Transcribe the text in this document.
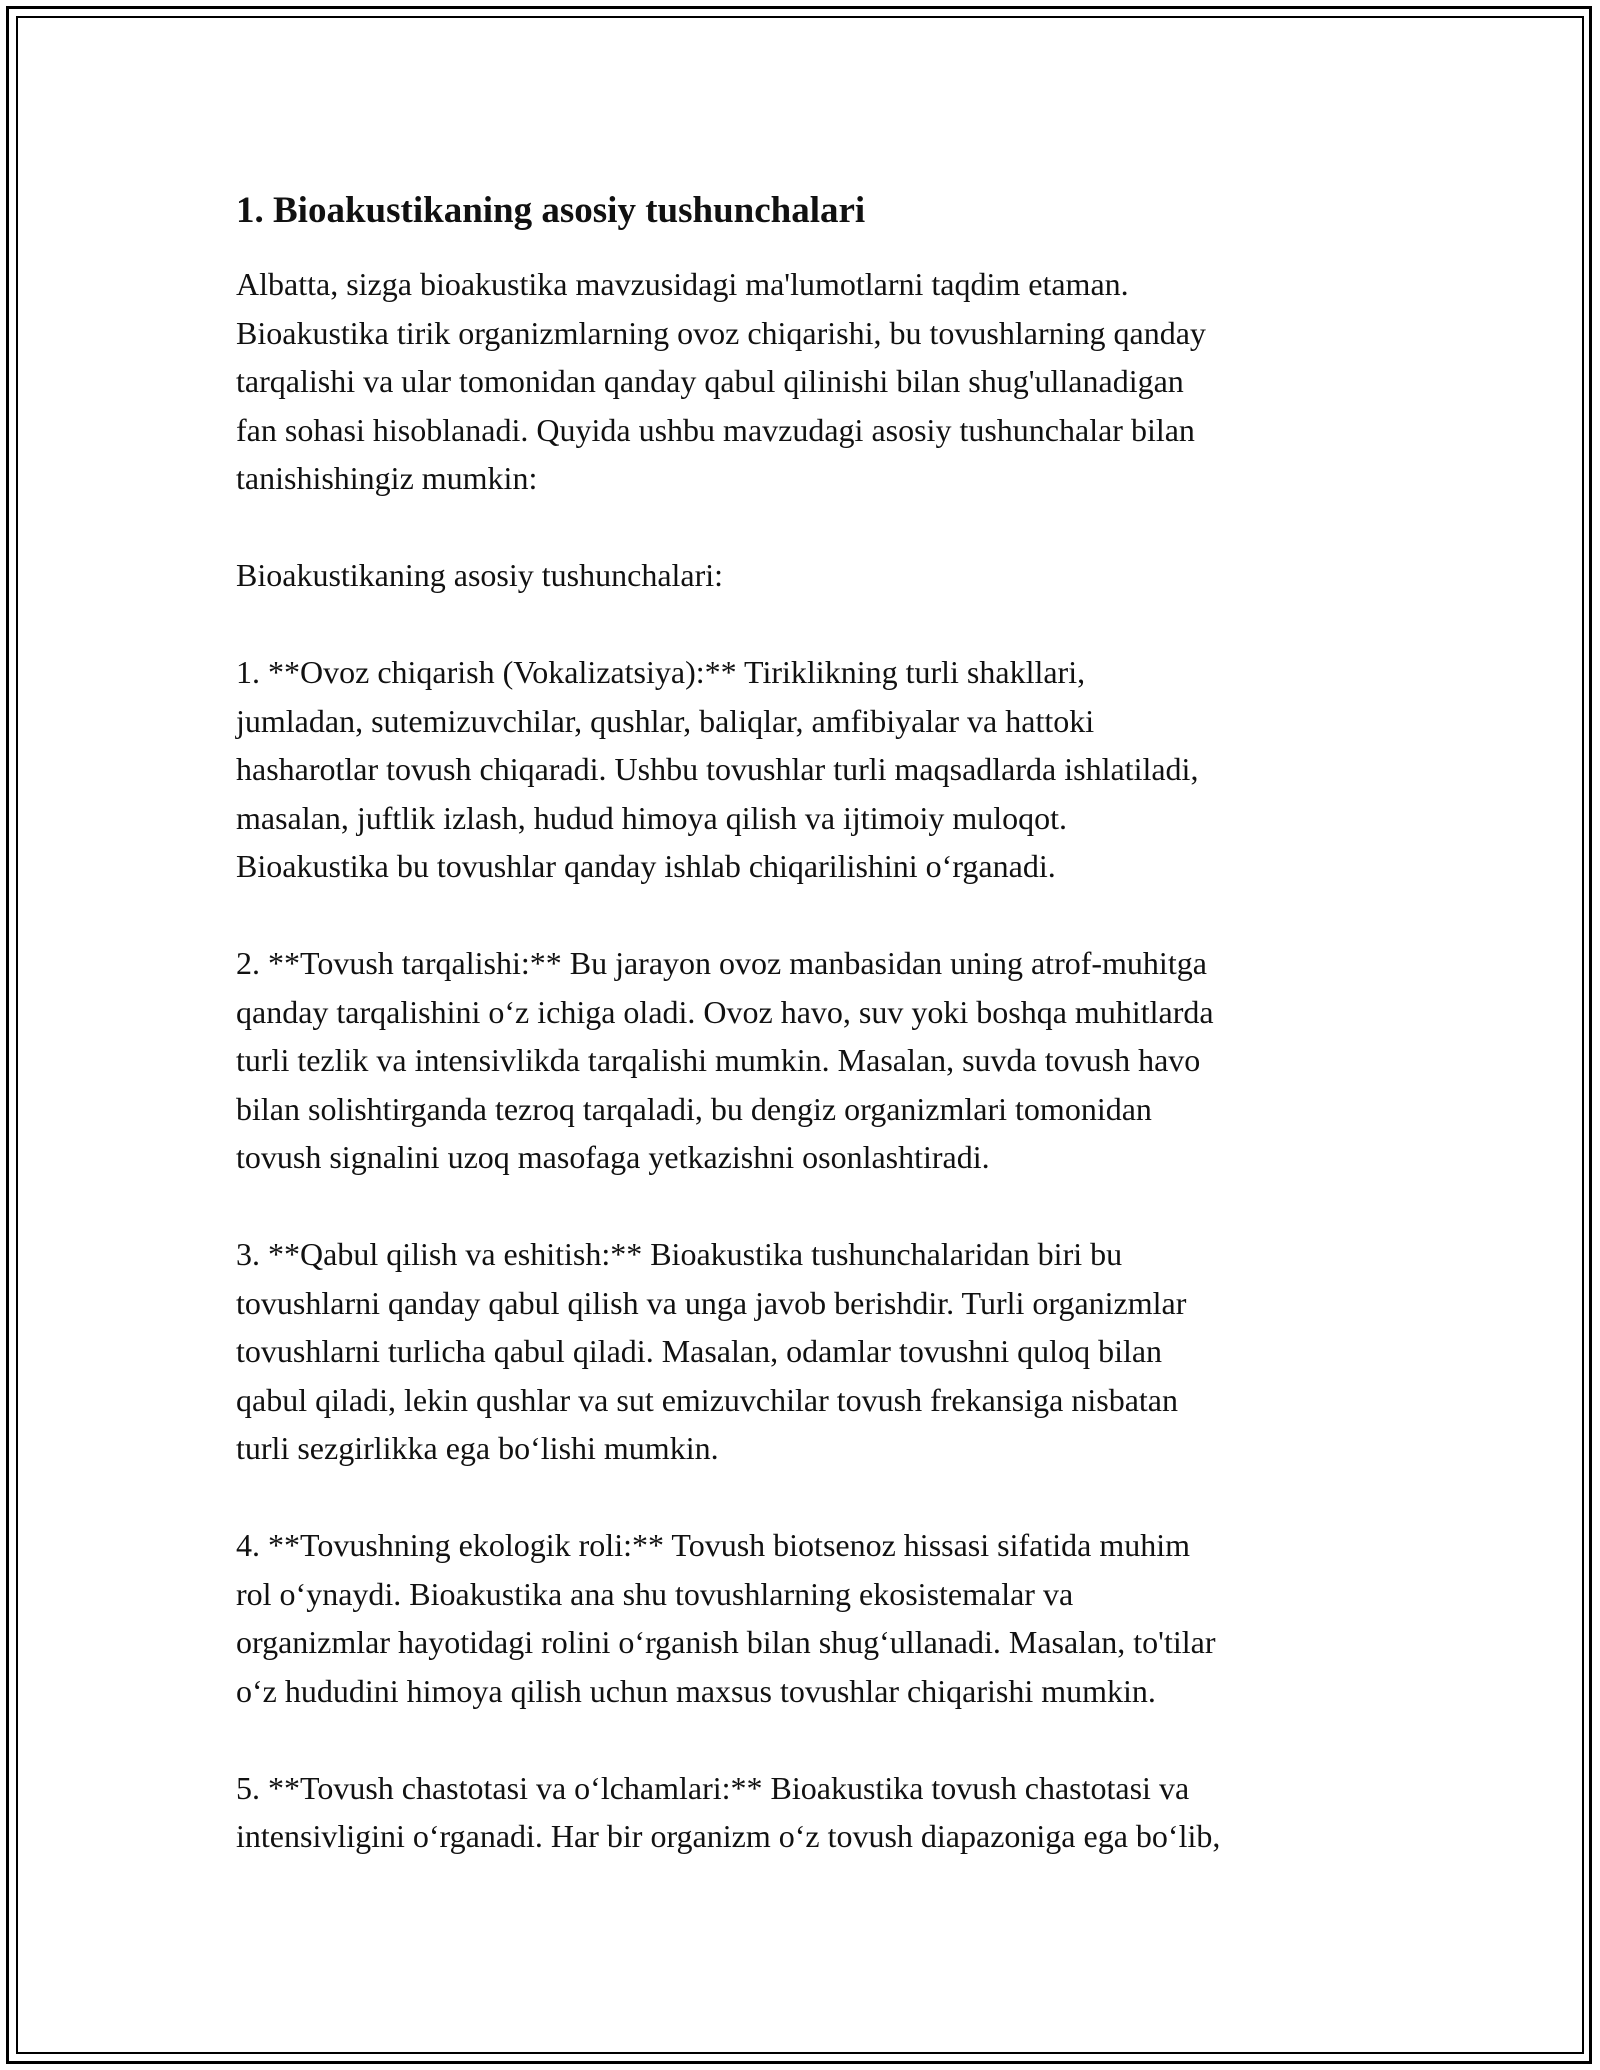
1. Bioakustikaning asosiy tushunchalari
Albatta, sizga bioakustika mavzusidagi ma'lumotlarni taqdim etaman.
Bioakustika tirik organizmlarning ovoz chiqarishi, bu tovushlarning qanday
tarqalishi va ular tomonidan qanday qabul qilinishi bilan shug'ullanadigan
fan sohasi hisoblanadi. Quyida ushbu mavzudagi asosiy tushunchalar bilan
tanishishingiz mumkin:
Bioakustikaning asosiy tushunchalari:
1. **Ovoz chiqarish (Vokalizatsiya):** Tiriklikning turli shakllari,
jumladan, sutemizuvchilar, qushlar, baliqlar, amfibiyalar va hattoki
hasharotlar tovush chiqaradi. Ushbu tovushlar turli maqsadlarda ishlatiladi,
masalan, juftlik izlash, hudud himoya qilish va ijtimoiy muloqot.
Bioakustika bu tovushlar qanday ishlab chiqarilishini o‘rganadi.
2. **Tovush tarqalishi:** Bu jarayon ovoz manbasidan uning atrof-muhitga
qanday tarqalishini o‘z ichiga oladi. Ovoz havo, suv yoki boshqa muhitlarda
turli tezlik va intensivlikda tarqalishi mumkin. Masalan, suvda tovush havo
bilan solishtirganda tezroq tarqaladi, bu dengiz organizmlari tomonidan
tovush signalini uzoq masofaga yetkazishni osonlashtiradi.
3. **Qabul qilish va eshitish:** Bioakustika tushunchalaridan biri bu
tovushlarni qanday qabul qilish va unga javob berishdir. Turli organizmlar
tovushlarni turlicha qabul qiladi. Masalan, odamlar tovushni quloq bilan
qabul qiladi, lekin qushlar va sut emizuvchilar tovush frekansiga nisbatan
turli sezgirlikka ega bo‘lishi mumkin.
4. **Tovushning ekologik roli:** Tovush biotsenoz hissasi sifatida muhim
rol o‘ynaydi. Bioakustika ana shu tovushlarning ekosistemalar va
organizmlar hayotidagi rolini o‘rganish bilan shug‘ullanadi. Masalan, to'tilar
o‘z hududini himoya qilish uchun maxsus tovushlar chiqarishi mumkin.
5. **Tovush chastotasi va o‘lchamlari:** Bioakustika tovush chastotasi va
intensivligini o‘rganadi. Har bir organizm o‘z tovush diapazoniga ega bo‘lib,
